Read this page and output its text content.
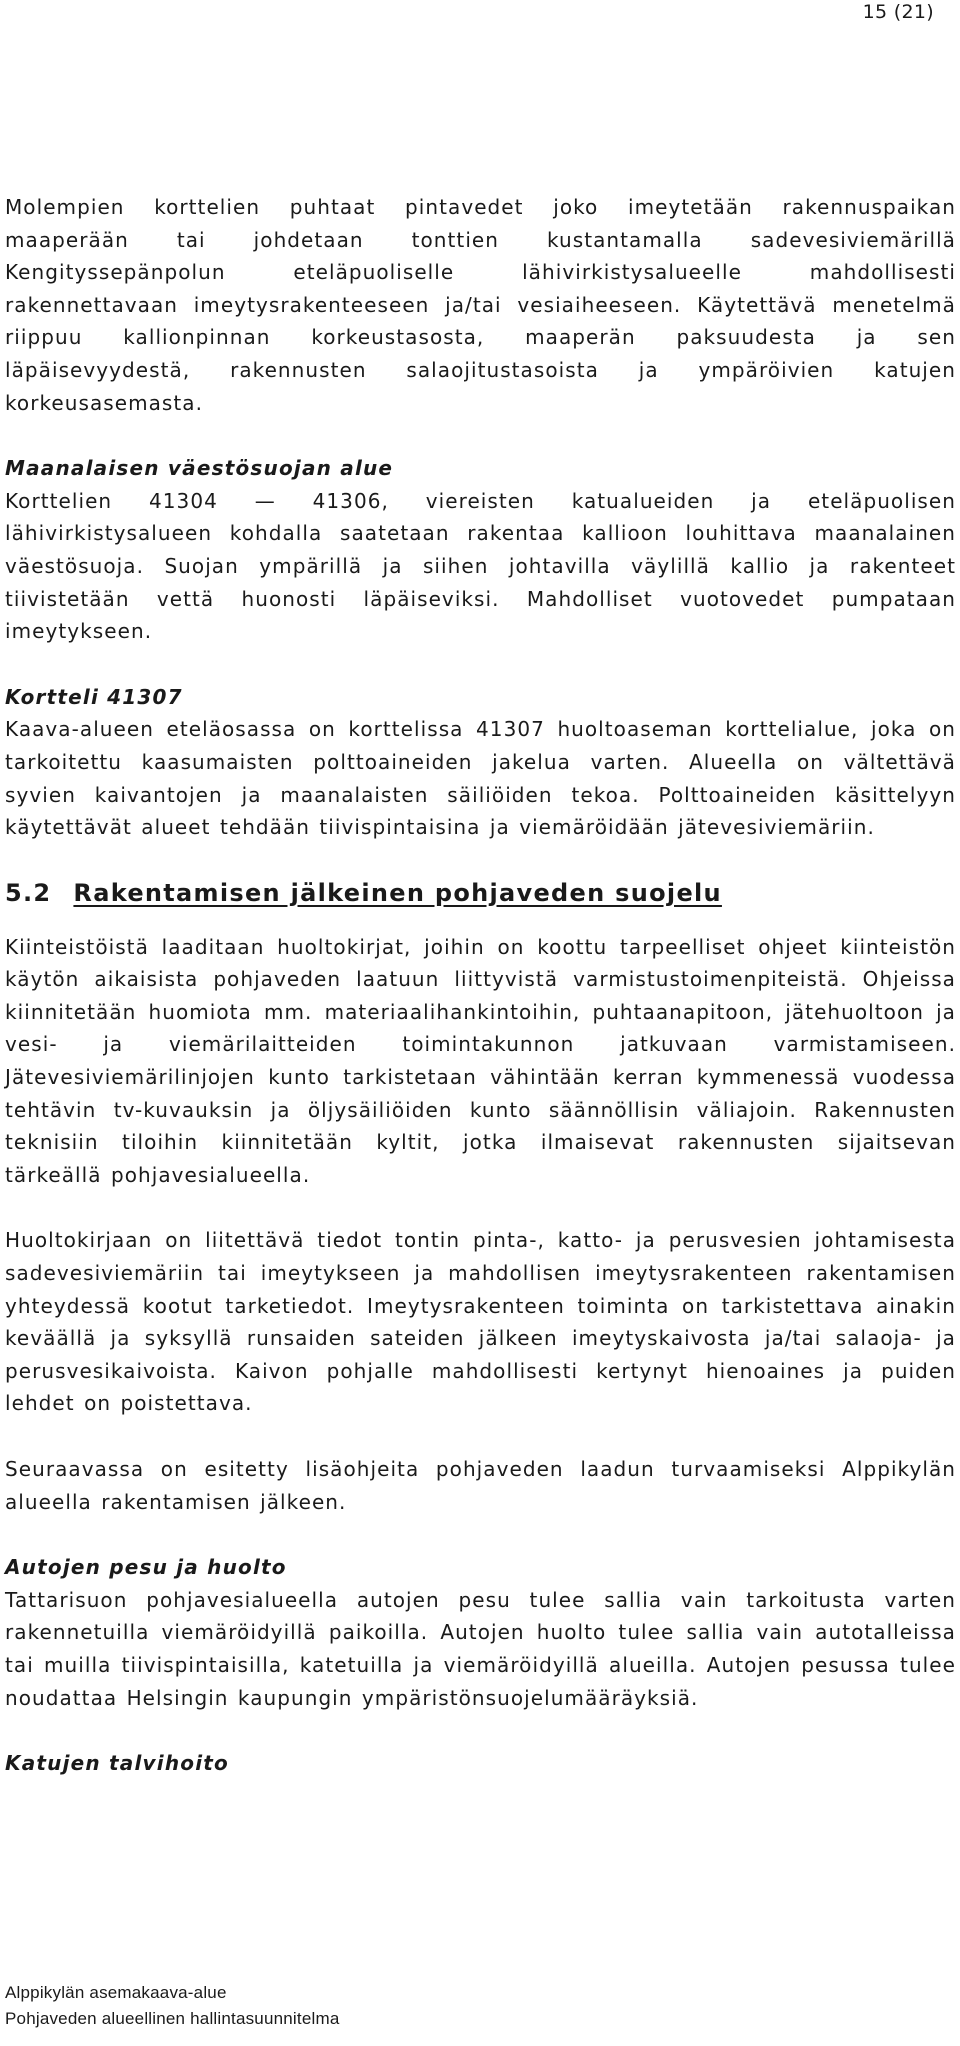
15 (21)

Molempien korttelien puhtaat pintavedet joko imeytetään rakennuspaikan maaperään tai johdetaan tonttien kustantamalla sadevesiviemärillä Kengityssepänpolun eteläpuoliselle lähivirkistysalueelle mahdollisesti rakennettavaan imeytysrakenteeseen ja/tai vesiaiheeseen. Käytettävä menetelmä riippuu kallionpinnan korkeustasosta, maaperän paksuudesta ja sen läpäisevyydestä, rakennusten salaojitustasoista ja ympäröivien katujen korkeusasemasta.

Maanalaisen väestösuojan alue

Korttelien 41304 — 41306, viereisten katualueiden ja eteläpuolisen lähivirkistysalueen kohdalla saatetaan rakentaa kallioon louhittava maanalainen väestösuoja. Suojan ympärillä ja siihen johtavilla väylillä kallio ja rakenteet tiivistetään vettä huonosti läpäiseviksi. Mahdolliset vuotovedet pumpataan imeytykseen.

Kortteli 41307

Kaava-alueen eteläosassa on korttelissa 41307 huoltoaseman korttelialue, joka on tarkoitettu kaasumaisten polttoaineiden jakelua varten. Alueella on vältettävä syvien kaivantojen ja maanalaisten säiliöiden tekoa. Polttoaineiden käsittelyyn käytettävät alueet tehdään tiivispintaisina ja viemäröidään jätevesiviemäriin.

5.2 Rakentamisen jälkeinen pohjaveden suojelu

Kiinteistöistä laaditaan huoltokirjat, joihin on koottu tarpeelliset ohjeet kiinteistön käytön aikaisista pohjaveden laatuun liittyvistä varmistustoimenpiteistä. Ohjeissa kiinnitetään huomiota mm. materiaalihankintoihin, puhtaanapitoon, jätehuoltoon ja vesi- ja viemärilaitteiden toimintakunnon jatkuvaan varmistamiseen. Jätevesiviemärilinjojen kunto tarkistetaan vähintään kerran kymmenessä vuodessa tehtävin tv-kuvauksin ja öljysäiliöiden kunto säännöllisin väliajoin. Rakennusten teknisiin tiloihin kiinnitetään kyltit, jotka ilmaisevat rakennusten sijaitsevan tärkeällä pohjavesialueella.

Huoltokirjaan on liitettävä tiedot tontin pinta-, katto- ja perusvesien johtamisesta sadevesiviemäriin tai imeytykseen ja mahdollisen imeytysrakenteen rakentamisen yhteydessä kootut tarketiedot. Imeytysrakenteen toiminta on tarkistettava ainakin keväällä ja syksyllä runsaiden sateiden jälkeen imeytyskaivosta ja/tai salaoja- ja perusvesikaivoista. Kaivon pohjalle mahdollisesti kertynyt hienoaines ja puiden lehdet on poistettava.

Seuraavassa on esitetty lisäohjeita pohjaveden laadun turvaamiseksi Alppikylän alueella rakentamisen jälkeen.

Autojen pesu ja huolto

Tattarisuon pohjavesialueella autojen pesu tulee sallia vain tarkoitusta varten rakennetuilla viemäröidyillä paikoilla. Autojen huolto tulee sallia vain autotalleissa tai muilla tiivispintaisilla, katetuilla ja viemäröidyillä alueilla. Autojen pesussa tulee noudattaa Helsingin kaupungin ympäristönsuojelumääräyksiä.

Katujen talvihoito

Alppikylän asemakaava-alue
Pohjaveden alueellinen hallintasuunnitelma
